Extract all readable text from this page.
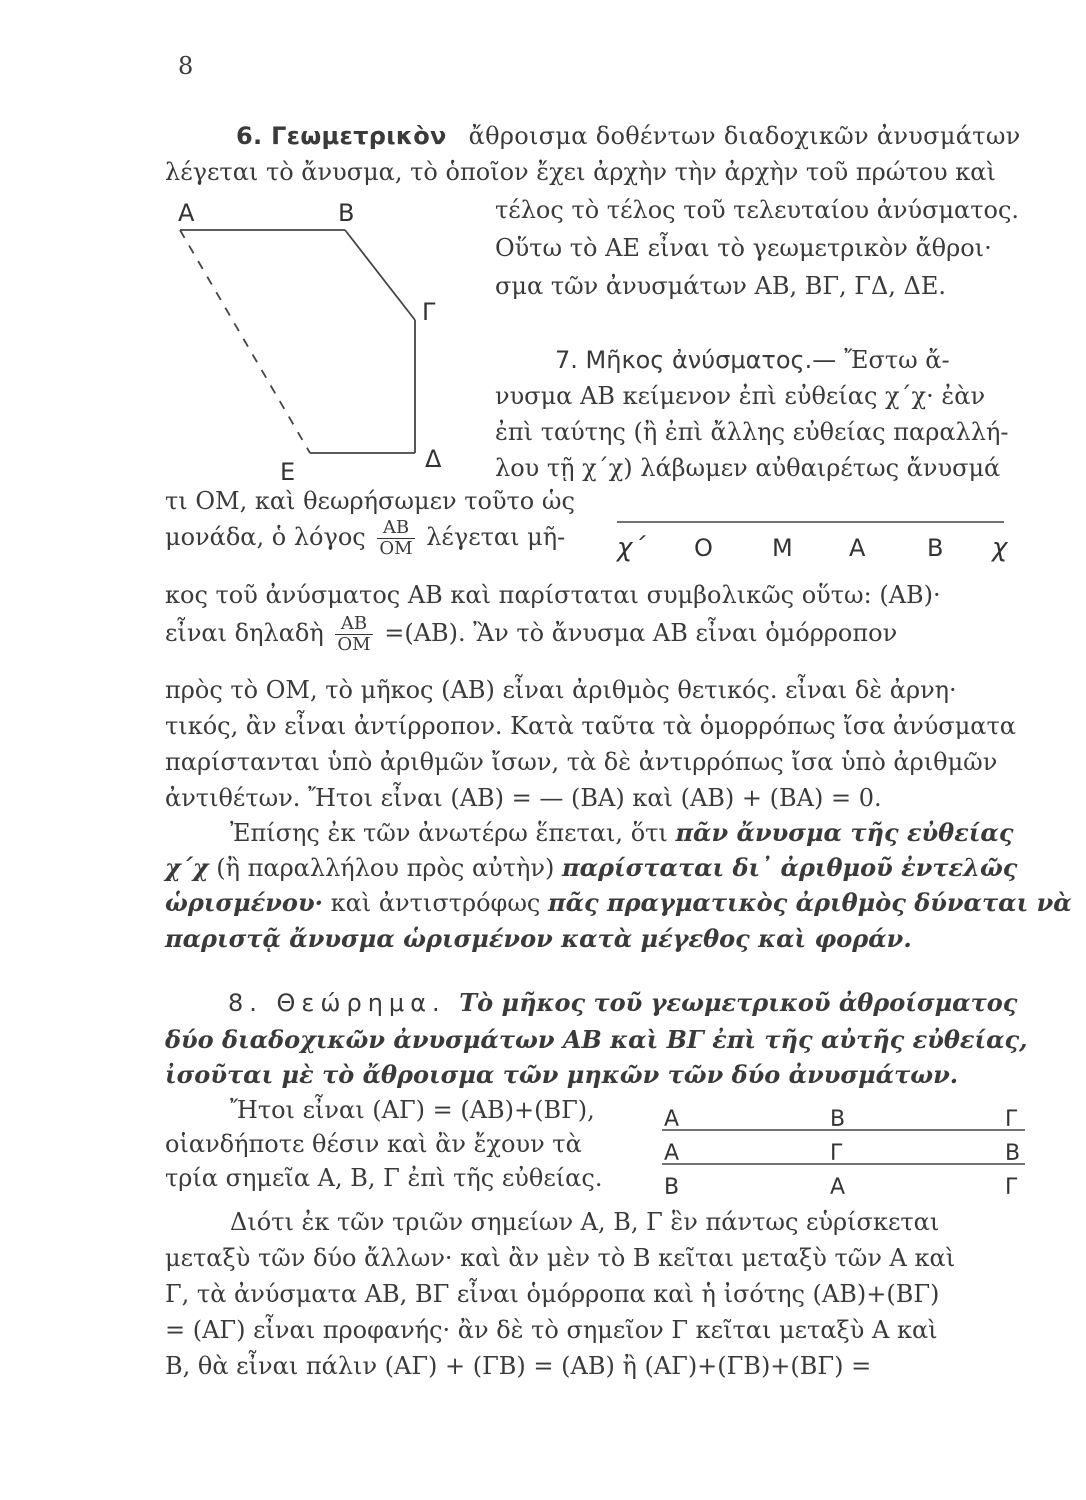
8
6. Γεωμετρικὸν ἄθροισμα δοθέντων διαδοχικῶν ἀνυσμάτων
λέγεται τὸ ἄνυσμα, τὸ ὁποῖον ἔχει ἀρχὴν τὴν ἀρχὴν τοῦ πρώτου καὶ
τέλος τὸ τέλος τοῦ τελευταίου ἀνύσματος.
Οὕτω τὸ ΑΕ εἶναι τὸ γεωμετρικὸν ἄθροι·
σμα τῶν ἀνυσμάτων ΑΒ, ΒΓ, ΓΔ, ΔΕ.
A	B
Γ
Δ
E
7. Μῆκος ἀνύσματος.— Ἔστω ἄ-
νυσμα ΑΒ κείμενον ἐπὶ εὐθείας χ΄χ· ἐὰν
ἐπὶ ταύτης (ἢ ἐπὶ ἄλλης εὐθείας παραλλή-
λου τῇ χ΄χ) λάβωμεν αὐθαιρέτως ἄνυσμά
τι ΟΜ, καὶ θεωρήσωμεν τοῦτο ὡς
μονάδα, ὁ λόγος $\frac{AB}{OM}$ λέγεται μῆ- χ΄ O M A	B χ
κος τοῦ ἀνύσματος ΑΒ καὶ παρίσταται συμβολικῶς οὕτω: (ΑΒ)·
εἶναι δηλαδὴ $\frac{AB}{OM} =(AB)$. Ἂν τὸ ἄνυσμα ΑΒ εἶναι ὁμόρροπον
πρὸς τὸ ΟΜ, τὸ μῆκος (ΑΒ) εἶναι ἀριθμὸς θετικός. εἶναι δὲ ἀρνη·
τικός, ἂν εἶναι ἀντίρροπον. Κατὰ ταῦτα τὰ ὁμορρόπως ἴσα ἀνύσματα
παρίστανται ὑπὸ ἀριθμῶν ἴσων, τὰ δὲ ἀντιρρόπως ἴσα ὑπὸ ἀριθμῶν
ἀντιθέτων. Ἤτοι εἶναι (ΑΒ) = — (ΒΑ) καὶ (ΑΒ) + (ΒΑ) = 0.
Ἐπίσης ἐκ τῶν ἀνωτέρω ἕπεται, ὅτι πᾶν ἄνυσμα τῆς εὐθείας
χ΄χ (ἢ παραλλήλου πρὸς αὐτὴν) παρίσταται δι᾽ ἀριθμοῦ ἐντελῶς
ὡρισμένου· καὶ ἀντιστρόφως πᾶς πραγματικὸς ἀριθμὸς δύναται νὰ
παριστᾷ ἄνυσμα ὡρισμένον κατὰ μέγεθος καὶ φοράν.
8. Θεώρημα. Τὸ μῆκος τοῦ γεωμετρικοῦ ἀθροίσματος
δύο διαδοχικῶν ἀνυσμάτων ΑΒ καὶ ΒΓ ἐπὶ τῆς αὐτῆς εὐθείας,
ἰσοῦται μὲ τὸ ἄθροισμα τῶν μηκῶν τῶν δύο ἀνυσμάτων.
Ἤτοι εἶναι (ΑΓ) = (ΑΒ)+(ΒΓ),
οἱανδήποτε θέσιν καὶ ἂν ἔχουν τὰ
τρία σημεῖα Α, Β, Γ ἐπὶ τῆς εὐθείας.
Α	Β	Γ
Α	Γ	Β
Β	Α	Γ
Διότι ἐκ τῶν τριῶν σημείων Α, Β, Γ ἓν πάντως εὑρίσκεται
μεταξὺ τῶν δύο ἄλλων· καὶ ἂν μὲν τὸ Β κεῖται μεταξὺ τῶν Α καὶ
Γ, τὰ ἀνύσματα ΑΒ, ΒΓ εἶναι ὁμόρροπα καὶ ἡ ἰσότης (ΑΒ)+(ΒΓ)
= (ΑΓ) εἶναι προφανής· ἂν δὲ τὸ σημεῖον Γ κεῖται μεταξὺ Α καὶ
Β, θὰ εἶναι πάλιν (ΑΓ) + (ΓΒ) = (ΑΒ) ἢ (ΑΓ)+(ΓΒ)+(ΒΓ) =
